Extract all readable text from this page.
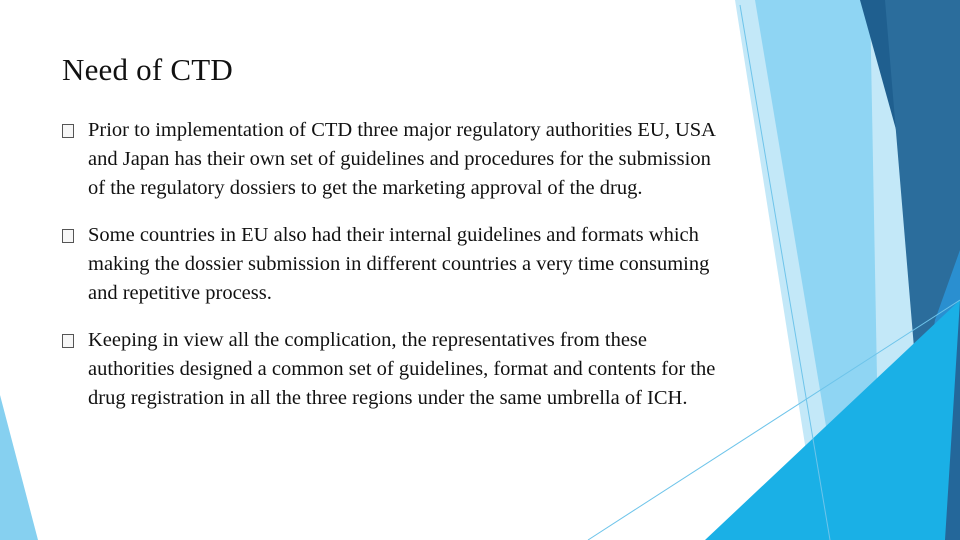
Need of CTD
Prior to implementation of CTD three major regulatory authorities EU, USA and Japan has their own set of guidelines and procedures for the submission of the regulatory dossiers to get the marketing approval of the drug.
Some countries in EU also had their internal guidelines and formats which making the dossier submission in different countries a very time consuming and repetitive process.
Keeping in view all the complication, the representatives from these authorities designed a common set of guidelines, format and contents for the drug registration in all the three regions under the same umbrella of ICH.
